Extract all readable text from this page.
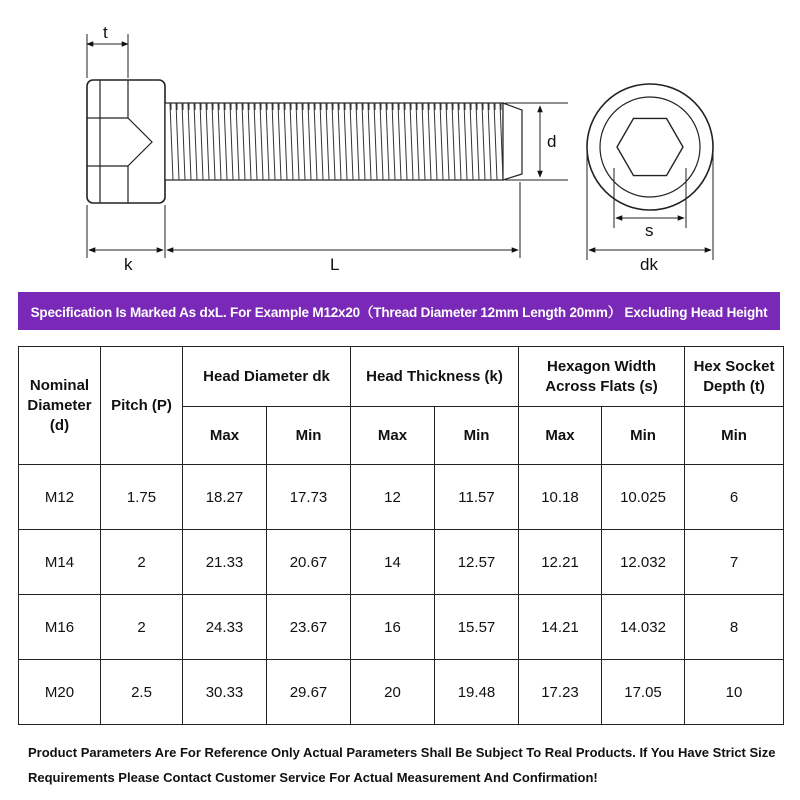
t
k	L
d
s
dk
Specification Is Marked As dxL. For Example M12x20（Thread Diameter 12mm Length 20mm） Excluding Head Height
Nominal
Diameter
(d)	Pitch (P)	Head Diameter dk		Head Thickness (k)		Hexagon Width
Across Flats (s)		Hex Socket
Depth (t)
		Max	Min	Max	Min	Max	Min	Min
M12	1.75	18.27	17.73	12	11.57	10.18	10.025	6
M14	2	21.33	20.67	14	12.57	12.21	12.032	7
M16	2	24.33	23.67	16	15.57	14.21	14.032	8
M20	2.5	30.33	29.67	20	19.48	17.23	17.05	10
Product Parameters Are For Reference Only Actual Parameters Shall Be Subject To Real Products. If You Have Strict Size
Requirements Please Contact Customer Service For Actual Measurement And Confirmation!
